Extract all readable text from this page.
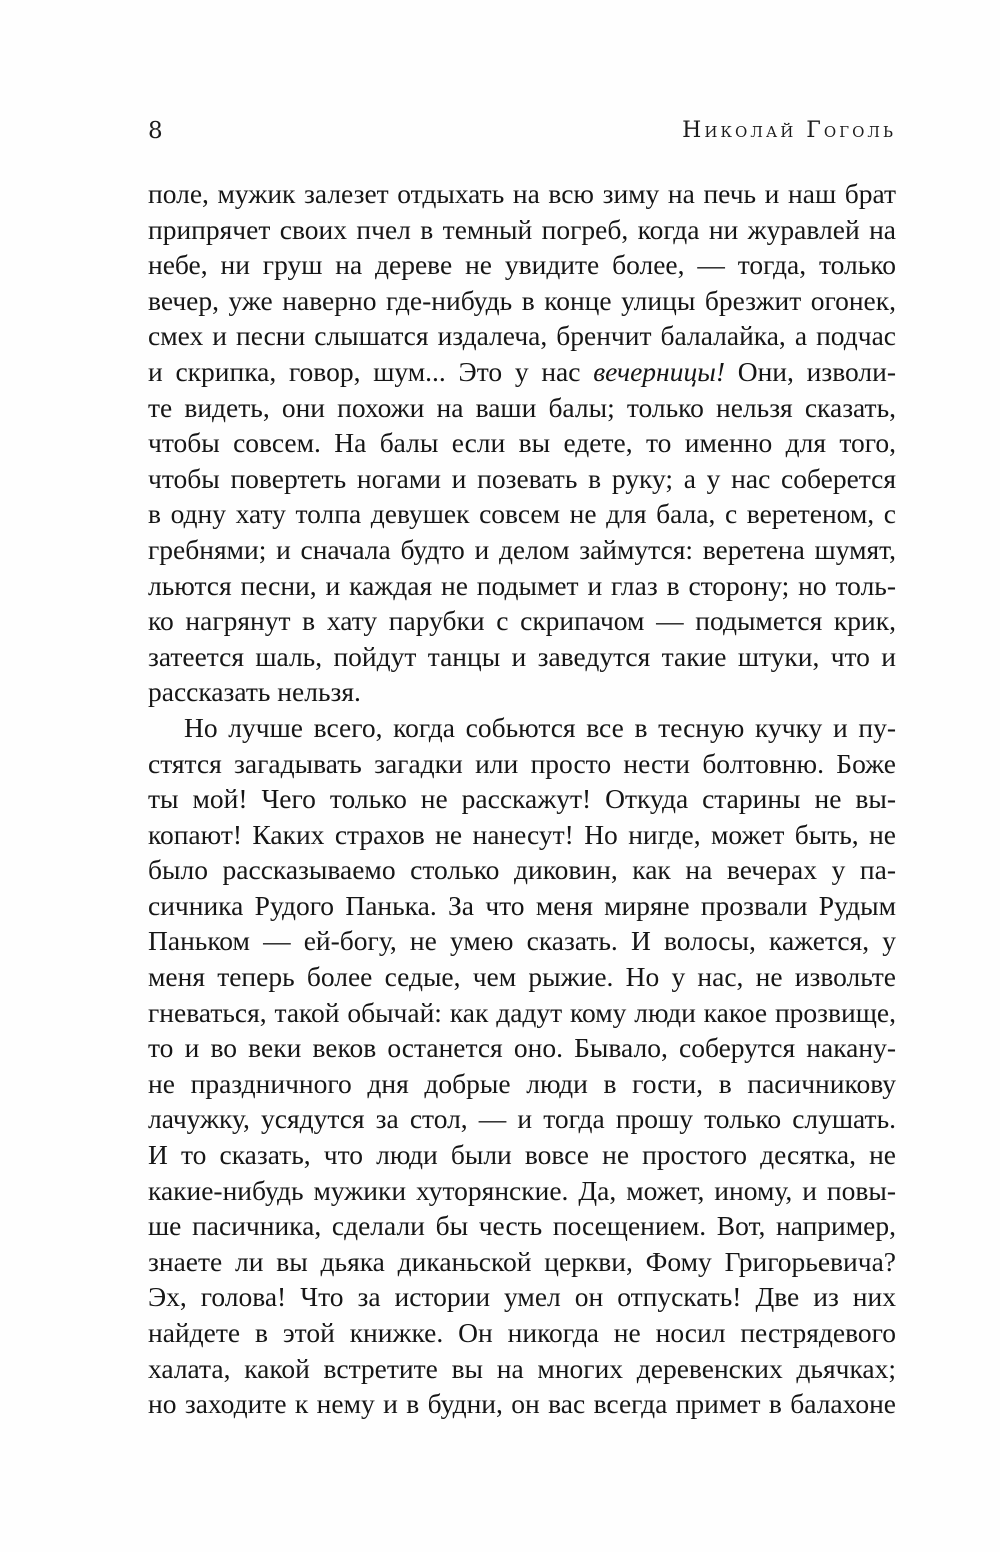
8	Николай Гоголь
поле, мужик залезет отдыхать на всю зиму на печь и наш брат
припрячет своих пчел в темный погреб, когда ни журавлей на
небе, ни груш на дереве не увидите более, — тогда, только
вечер, уже наверно где-нибудь в конце улицы брезжит огонек,
смех и песни слышатся издалеча, бренчит балалайка, а подчас
и скрипка, говор, шум... Это у нас вечерницы! Они, изволи-
те видеть, они похожи на ваши балы; только нельзя сказать,
чтобы совсем. На балы если вы едете, то именно для того,
чтобы повертеть ногами и позевать в руку; а у нас соберется
в одну хату толпа девушек совсем не для бала, с веретеном, с
гребнями; и сначала будто и делом займутся: веретена шумят,
льются песни, и каждая не подымет и глаз в сторону; но толь-
ко нагрянут в хату парубки с скрипачом — подымется крик,
затеется шаль, пойдут танцы и заведутся такие штуки, что и
рассказать нельзя.
Но лучше всего, когда собьются все в тесную кучку и пу-
стятся загадывать загадки или просто нести болтовню. Боже
ты мой! Чего только не расскажут! Откуда старины не вы-
копают! Каких страхов не нанесут! Но нигде, может быть, не
было рассказываемо столько диковин, как на вечерах у па-
сичника Рудого Панька. За что меня миряне прозвали Рудым
Паньком — ей-богу, не умею сказать. И волосы, кажется, у
меня теперь более седые, чем рыжие. Но у нас, не извольте
гневаться, такой обычай: как дадут кому люди какое прозвище,
то и во веки веков останется оно. Бывало, соберутся накану-
не праздничного дня добрые люди в гости, в пасичникову
лачужку, усядутся за стол, — и тогда прошу только слушать.
И то сказать, что люди были вовсе не простого десятка, не
какие-нибудь мужики хуторянские. Да, может, иному, и повы-
ше пасичника, сделали бы честь посещением. Вот, например,
знаете ли вы дьяка диканьской церкви, Фому Григорьевича?
Эх, голова! Что за истории умел он отпускать! Две из них
найдете в этой книжке. Он никогда не носил пестрядевого
халата, какой встретите вы на многих деревенских дьячках;
но заходите к нему и в будни, он вас всегда примет в балахоне
